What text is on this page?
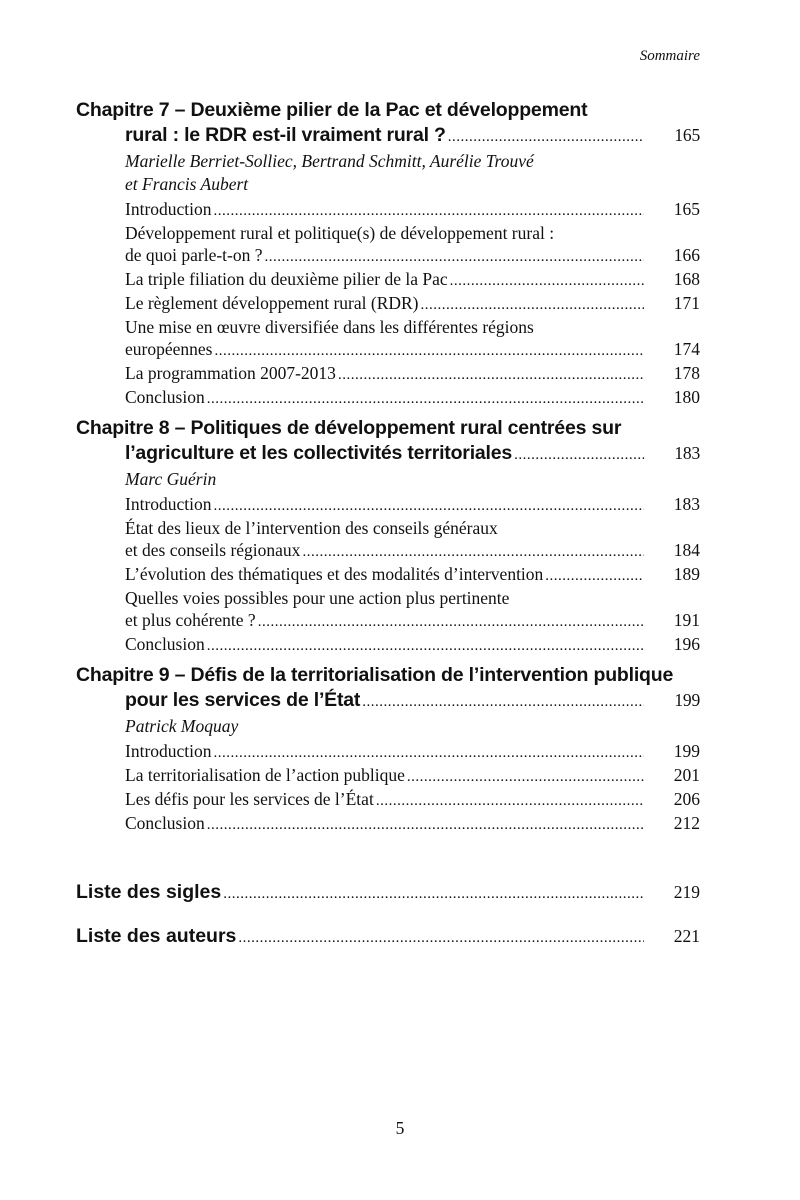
Sommaire
Chapitre 7 – Deuxième pilier de la Pac et développement
rural : le RDR est-il vraiment rural ? .....	165
Marielle Berriet-Solliec, Bertrand Schmitt, Aurélie Trouvé
et Francis Aubert
Introduction .....	165
Développement rural et politique(s) de développement rural :
de quoi parle-t-on ? .....	166
La triple filiation du deuxième pilier de la Pac .....	168
Le règlement développement rural (RDR) .....	171
Une mise en œuvre diversifiée dans les différentes régions
européennes .....	174
La programmation 2007-2013 .....	178
Conclusion .....	180
Chapitre 8 – Politiques de développement rural centrées sur
l’agriculture et les collectivités territoriales .....	183
Marc Guérin
Introduction .....	183
État des lieux de l’intervention des conseils généraux
et des conseils régionaux .....	184
L’évolution des thématiques et des modalités d’intervention .....	189
Quelles voies possibles pour une action plus pertinente
et plus cohérente ? .....	191
Conclusion .....	196
Chapitre 9 – Défis de la territorialisation de l’intervention publique
pour les services de l’État .....	199
Patrick Moquay
Introduction .....	199
La territorialisation de l’action publique .....	201
Les défis pour les services de l’État .....	206
Conclusion .....	212
Liste des sigles .....	219
Liste des auteurs .....	221
5
